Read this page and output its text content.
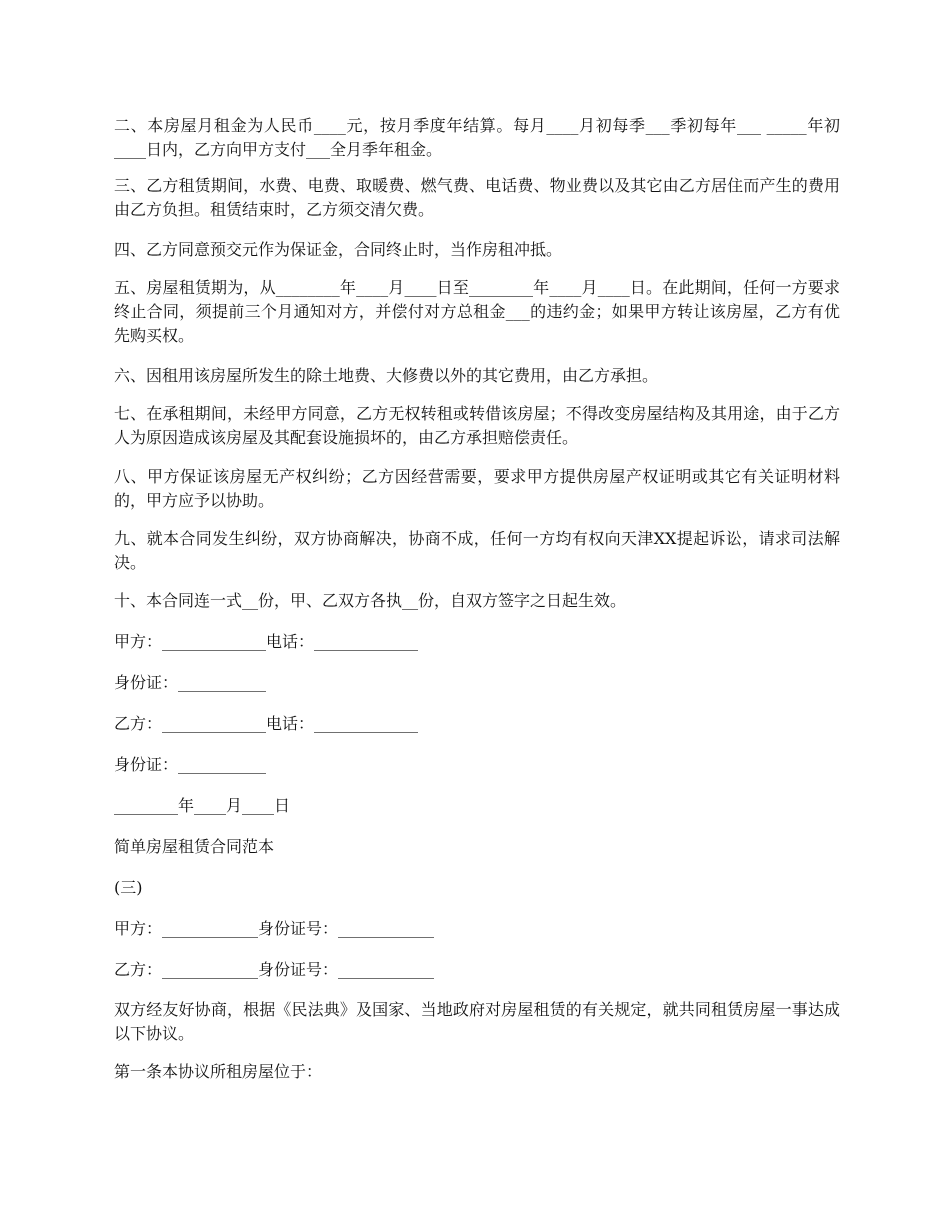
二、本房屋月租金为人民币____元，按月季度年结算。每月____月初每季___季初每年___ _____年初____日内，乙方向甲方支付___全月季年租金。

三、乙方租赁期间，水费、电费、取暖费、燃气费、电话费、物业费以及其它由乙方居住而产生的费用由乙方负担。租赁结束时，乙方须交清欠费。

四、乙方同意预交元作为保证金，合同终止时，当作房租冲抵。

五、房屋租赁期为，从________年____月____日至________年____月____日。在此期间，任何一方要求终止合同，须提前三个月通知对方，并偿付对方总租金___的违约金；如果甲方转让该房屋，乙方有优先购买权。

六、因租用该房屋所发生的除土地费、大修费以外的其它费用，由乙方承担。

七、在承租期间，未经甲方同意，乙方无权转租或转借该房屋；不得改变房屋结构及其用途，由于乙方人为原因造成该房屋及其配套设施损坏的，由乙方承担赔偿责任。

八、甲方保证该房屋无产权纠纷；乙方因经营需要，要求甲方提供房屋产权证明或其它有关证明材料的，甲方应予以协助。

九、就本合同发生纠纷，双方协商解决，协商不成，任何一方均有权向天津XX提起诉讼，请求司法解决。

十、本合同连一式__份，甲、乙双方各执__份，自双方签字之日起生效。

甲方：_____________电话：_____________

身份证：___________

乙方：_____________电话：_____________

身份证：___________

________年____月____日

简单房屋租赁合同范本

(三)

甲方：____________身份证号：____________

乙方：____________身份证号：____________

双方经友好协商，根据《民法典》及国家、当地政府对房屋租赁的有关规定，就共同租赁房屋一事达成以下协议。

第一条本协议所租房屋位于：
